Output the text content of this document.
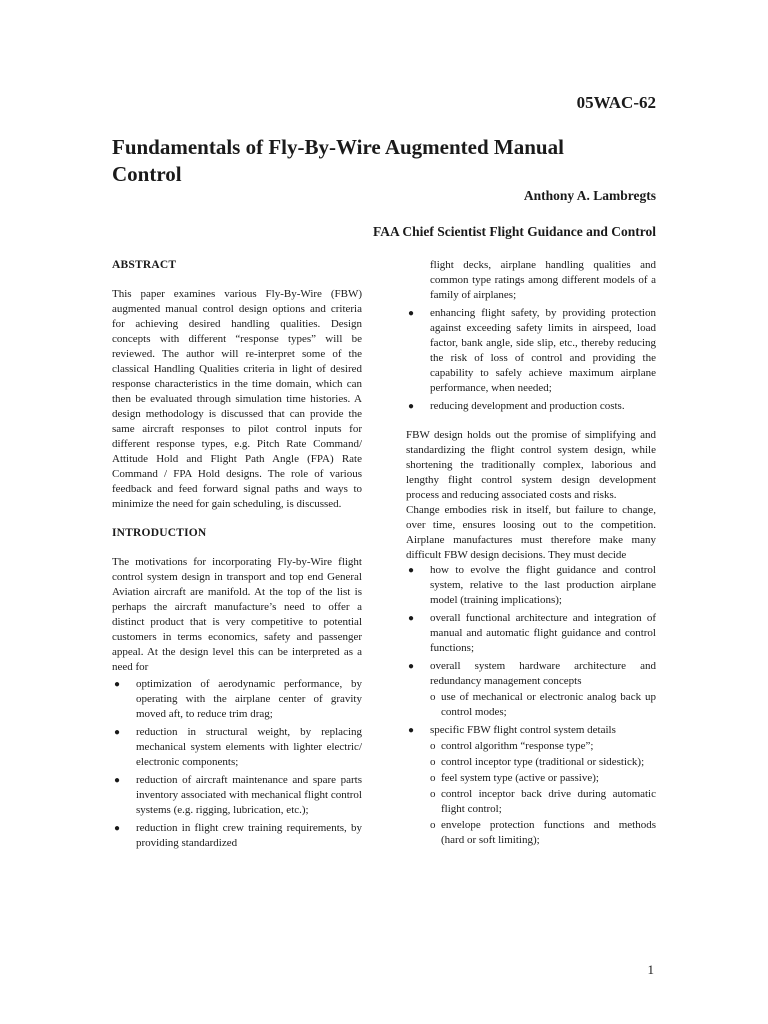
05WAC-62
Fundamentals of Fly-By-Wire Augmented Manual Control
Anthony A. Lambregts
FAA Chief Scientist Flight Guidance and Control
ABSTRACT

This paper examines various Fly-By-Wire (FBW) augmented manual control design options and criteria for achieving desired handling qualities. Design concepts with different “response types” will be reviewed. The author will re-interpret some of the classical Handling Qualities criteria in light of desired response characteristics in the time domain, which can then be evaluated through simulation time histories. A design methodology is discussed that can provide the same aircraft responses to pilot control inputs for different response types, e.g. Pitch Rate Command/ Attitude Hold and Flight Path Angle (FPA) Rate Command / FPA Hold designs. The role of various feedback and feed forward signal paths and ways to minimize the need for gain scheduling, is discussed.

INTRODUCTION

The motivations for incorporating Fly-by-Wire flight control system design in transport and top end General Aviation aircraft are manifold. At the top of the list is perhaps the aircraft manufacture’s need to offer a distinct product that is very competitive to potential customers in terms economics, safety and passenger appeal. At the design level this can be interpreted as a need for

● optimization of aerodynamic performance, by operating with the airplane center of gravity moved aft, to reduce trim drag;
● reduction in structural weight, by replacing mechanical system elements with lighter electric/ electronic components;
● reduction of aircraft maintenance and spare parts inventory associated with mechanical flight control systems (e.g. rigging, lubrication, etc.);
● reduction in flight crew training requirements, by providing standardized

flight decks, airplane handling qualities and common type ratings among different models of a family of airplanes;

● enhancing flight safety, by providing protection against exceeding safety limits in airspeed, load factor, bank angle, side slip, etc., thereby reducing the risk of loss of control and providing the capability to safely achieve maximum airplane performance, when needed;
● reducing development and production costs.

FBW design holds out the promise of simplifying and standardizing the flight control system design, while shortening the traditionally complex, laborious and lengthy flight control system design development process and reducing associated costs and risks.

Change embodies risk in itself, but failure to change, over time, ensures loosing out to the competition. Airplane manufactures must therefore make many difficult FBW design decisions. They must decide

● how to evolve the flight guidance and control system, relative to the last production airplane model (training implications);
● overall functional architecture and integration of manual and automatic flight guidance and control functions;
● overall system hardware architecture and redundancy management concepts
o use of mechanical or electronic analog back up control modes;
● specific FBW flight control system details
o control algorithm “response type”;
o control inceptor type (traditional or sidestick);
o feel system type (active or passive);
o control inceptor back drive during automatic flight control;
o envelope protection functions and methods (hard or soft limiting);
1
